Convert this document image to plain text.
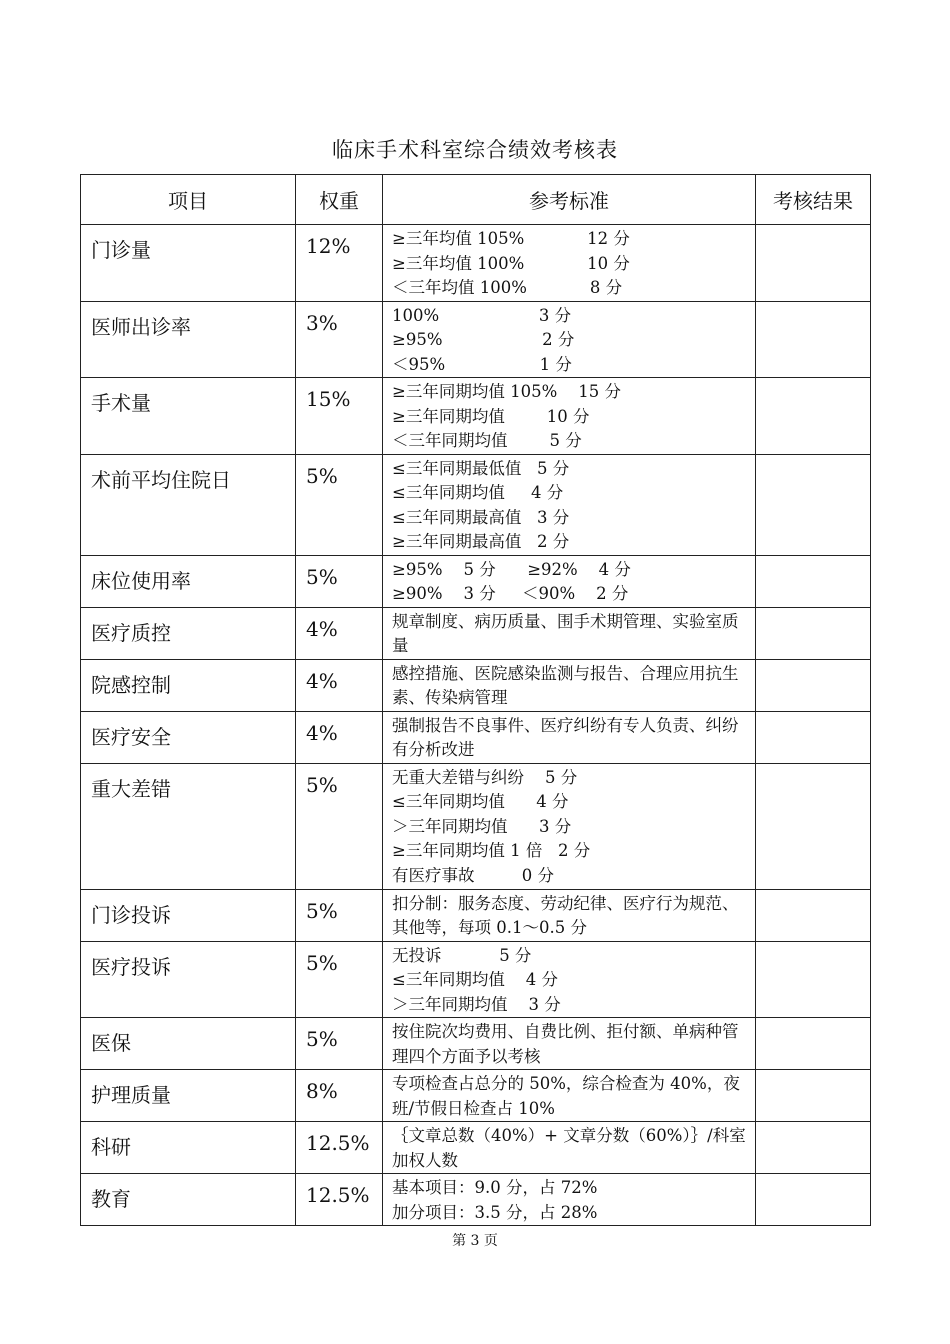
临床手术科室综合绩效考核表
项目	权重	参考标准	考核结果
门诊量	12%	≥三年均值 105%            12 分
≥三年均值 100%            10 分
＜三年均值 100%            8 分	

医师出诊率	3%	100%                   3 分
≥95%                   2 分
＜95%                  1 分	

手术量	15%	≥三年同期均值 105%    15 分
≥三年同期均值        10 分
＜三年同期均值        5 分	

术前平均住院日	5%	≤三年同期最低值   5 分
≤三年同期均值     4 分
≤三年同期最高值   3 分
≥三年同期最高值   2 分	

床位使用率	5%	≥95%    5 分      ≥92%    4 分
≥90%    3 分     ＜90%    2 分	

医疗质控	4%	规章制度、病历质量、围手术期管理、实验室质量	

院感控制	4%	感控措施、医院感染监测与报告、合理应用抗生素、传染病管理	

医疗安全	4%	强制报告不良事件、医疗纠纷有专人负责、纠纷有分析改进	

重大差错	5%	无重大差错与纠纷    5 分
≤三年同期均值      4 分
＞三年同期均值      3 分
≥三年同期均值 1 倍   2 分
有医疗事故         0 分	

门诊投诉	5%	扣分制：服务态度、劳动纪律、医疗行为规范、其他等，每项 0.1～0.5 分	

医疗投诉	5%	无投诉           5 分
≤三年同期均值    4 分
＞三年同期均值    3 分	

医保	5%	按住院次均费用、自费比例、拒付额、单病种管理四个方面予以考核	

护理质量	8%	专项检查占总分的 50%，综合检查为 40%，夜班/节假日检查占 10%	

科研	12.5%	｛文章总数（40%）+ 文章分数（60%）｝/科室加权人数	

教育	12.5%	基本项目：9.0 分，占 72%
加分项目：3.5 分，占 28%	

第 3 页
